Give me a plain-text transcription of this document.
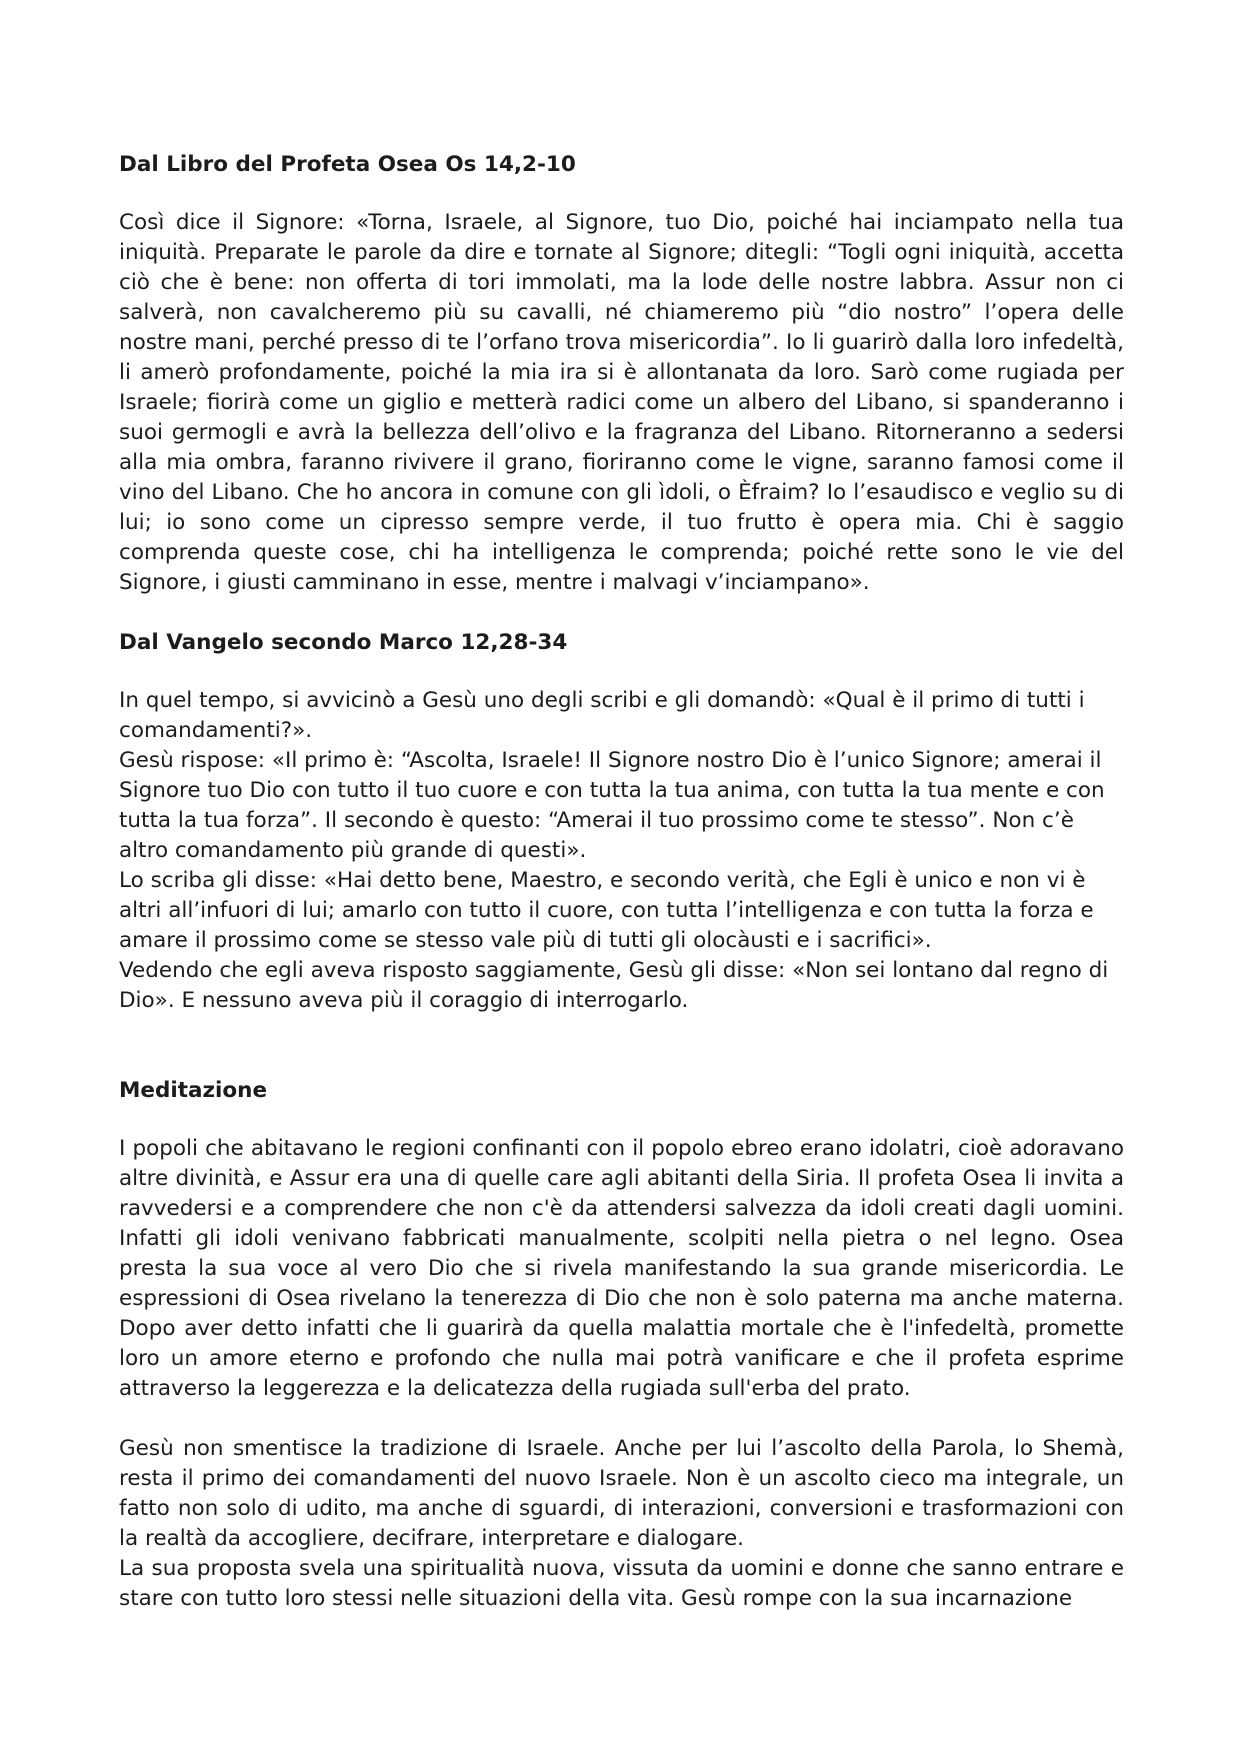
Dal Libro del Profeta Osea Os 14,2-10

Così dice il Signore: «Torna, Israele, al Signore, tuo Dio, poiché hai inciampato nella tua iniquità. Preparate le parole da dire e tornate al Signore; ditegli: “Togli ogni iniquità, accetta ciò che è bene: non offerta di tori immolati, ma la lode delle nostre labbra. Assur non ci salverà, non cavalcheremo più su cavalli, né chiameremo più “dio nostro” l’opera delle nostre mani, perché presso di te l’orfano trova misericordia”. Io li guarirò dalla loro infedeltà, li amerò profondamente, poiché la mia ira si è allontanata da loro. Sarò come rugiada per Israele; fiorirà come un giglio e metterà radici come un albero del Libano, si spanderanno i suoi germogli e avrà la bellezza dell’olivo e la fragranza del Libano. Ritorneranno a sedersi alla mia ombra, faranno rivivere il grano, fioriranno come le vigne, saranno famosi come il vino del Libano. Che ho ancora in comune con gli ìdoli, o Èfraim? Io l’esaudisco e veglio su di lui; io sono come un cipresso sempre verde, il tuo frutto è opera mia. Chi è saggio comprenda queste cose, chi ha intelligenza le comprenda; poiché rette sono le vie del Signore, i giusti camminano in esse, mentre i malvagi v’inciampano».

Dal Vangelo secondo Marco 12,28-34

In quel tempo, si avvicinò a Gesù uno degli scribi e gli domandò: «Qual è il primo di tutti i comandamenti?».

Gesù rispose: «Il primo è: “Ascolta, Israele! Il Signore nostro Dio è l’unico Signore; amerai il Signore tuo Dio con tutto il tuo cuore e con tutta la tua anima, con tutta la tua mente e con tutta la tua forza”. Il secondo è questo: “Amerai il tuo prossimo come te stesso”. Non c’è altro comandamento più grande di questi».

Lo scriba gli disse: «Hai detto bene, Maestro, e secondo verità, che Egli è unico e non vi è altri all’infuori di lui; amarlo con tutto il cuore, con tutta l’intelligenza e con tutta la forza e amare il prossimo come se stesso vale più di tutti gli olocàusti e i sacrifici».

Vedendo che egli aveva risposto saggiamente, Gesù gli disse: «Non sei lontano dal regno di Dio». E nessuno aveva più il coraggio di interrogarlo.

Meditazione

I popoli che abitavano le regioni confinanti con il popolo ebreo erano idolatri, cioè adoravano altre divinità, e Assur era una di quelle care agli abitanti della Siria. Il profeta Osea li invita a ravvedersi e a comprendere che non c'è da attendersi salvezza da idoli creati dagli uomini. Infatti gli idoli venivano fabbricati manualmente, scolpiti nella pietra o nel legno. Osea presta la sua voce al vero Dio che si rivela manifestando la sua grande misericordia. Le espressioni di Osea rivelano la tenerezza di Dio che non è solo paterna ma anche materna. Dopo aver detto infatti che li guarirà da quella malattia mortale che è l'infedeltà, promette loro un amore eterno e profondo che nulla mai potrà vanificare e che il profeta esprime attraverso la leggerezza e la delicatezza della rugiada sull'erba del prato.

Gesù non smentisce la tradizione di Israele. Anche per lui l’ascolto della Parola, lo Shemà, resta il primo dei comandamenti del nuovo Israele. Non è un ascolto cieco ma integrale, un fatto non solo di udito, ma anche di sguardi, di interazioni, conversioni e trasformazioni con la realtà da accogliere, decifrare, interpretare e dialogare.

La sua proposta svela una spiritualità nuova, vissuta da uomini e donne che sanno entrare e stare con tutto loro stessi nelle situazioni della vita. Gesù rompe con la sua incarnazione
